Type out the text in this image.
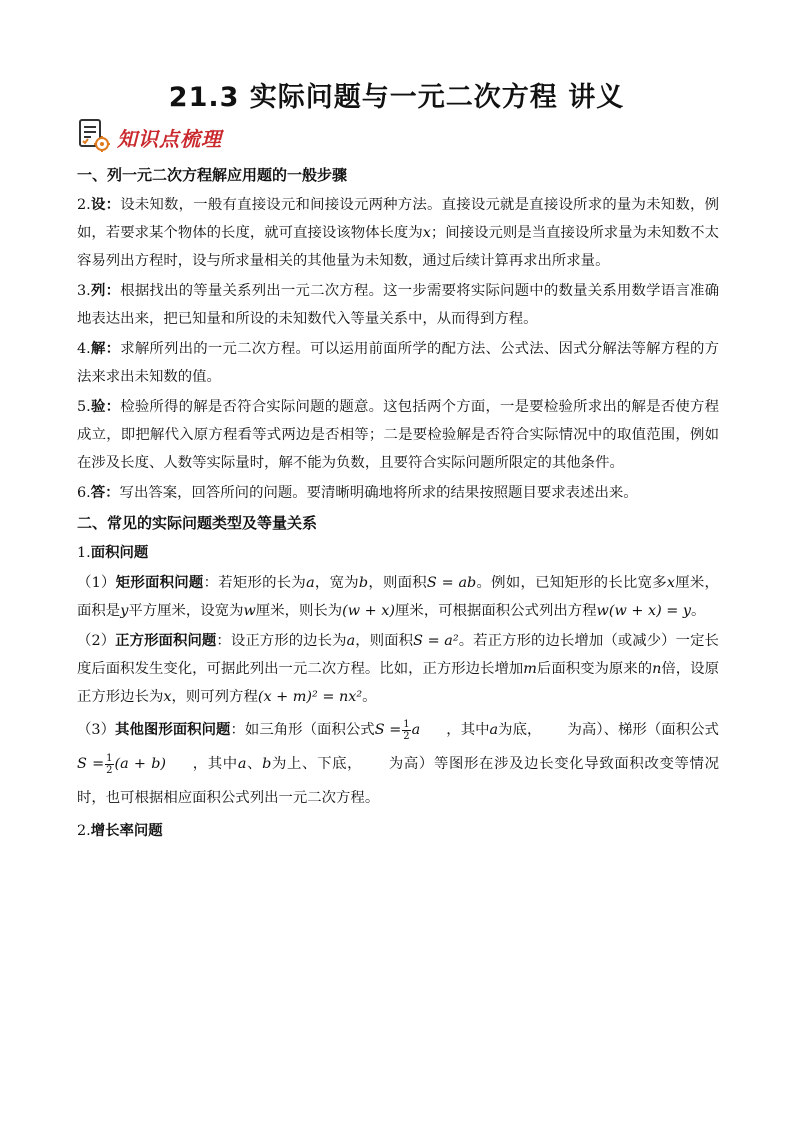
21.3 实际问题与一元二次方程 讲义
知识点梳理

一、列一元二次方程解应用题的一般步骤

2.设：设未知数，一般有直接设元和间接设元两种方法。直接设元就是直接设所求的量为未知数，例如，若要求某个物体的长度，就可直接设该物体长度为x；间接设元则是当直接设所求量为未知数不太容易列出方程时，设与所求量相关的其他量为未知数，通过后续计算再求出所求量。

3.列：根据找出的等量关系列出一元二次方程。这一步需要将实际问题中的数量关系用数学语言准确地表达出来，把已知量和所设的未知数代入等量关系中，从而得到方程。

4.解：求解所列出的一元二次方程。可以运用前面所学的配方法、公式法、因式分解法等解方程的方法来求出未知数的值。

5.验：检验所得的解是否符合实际问题的题意。这包括两个方面，一是要检验所求出的解是否使方程成立，即把解代入原方程看等式两边是否相等；二是要检验解是否符合实际情况中的取值范围，例如在涉及长度、人数等实际量时，解不能为负数，且要符合实际问题所限定的其他条件。

6.答：写出答案，回答所问的问题。要清晰明确地将所求的结果按照题目要求表述出来。

二、常见的实际问题类型及等量关系

1.面积问题

（1）矩形面积问题：若矩形的长为a，宽为b，则面积S = ab。例如，已知矩形的长比宽多x厘米，面积是y平方厘米，设宽为w厘米，则长为(w + x)厘米，可根据面积公式列出方程w(w + x) = y。

（2）正方形面积问题：设正方形的边长为a，则面积S = a²。若正方形的边长增加（或减少）一定长度后面积发生变化，可据此列出一元二次方程。比如，正方形边长增加m后面积变为原来的n倍，设原正方形边长为x，则可列方程(x + m)² = nx²。

（3）其他图形面积问题：如三角形（面积公式$S = \frac{1}{2}$ a ，其中a为底， 为高）、梯形（面积公式$S = \frac{1}{2} (a + b)$ ，其中a、b为上、下底， 为高）等图形在涉及边长变化导致面积改变等情况时，也可根据相应面积公式列出一元二次方程。

2.增长率问题
